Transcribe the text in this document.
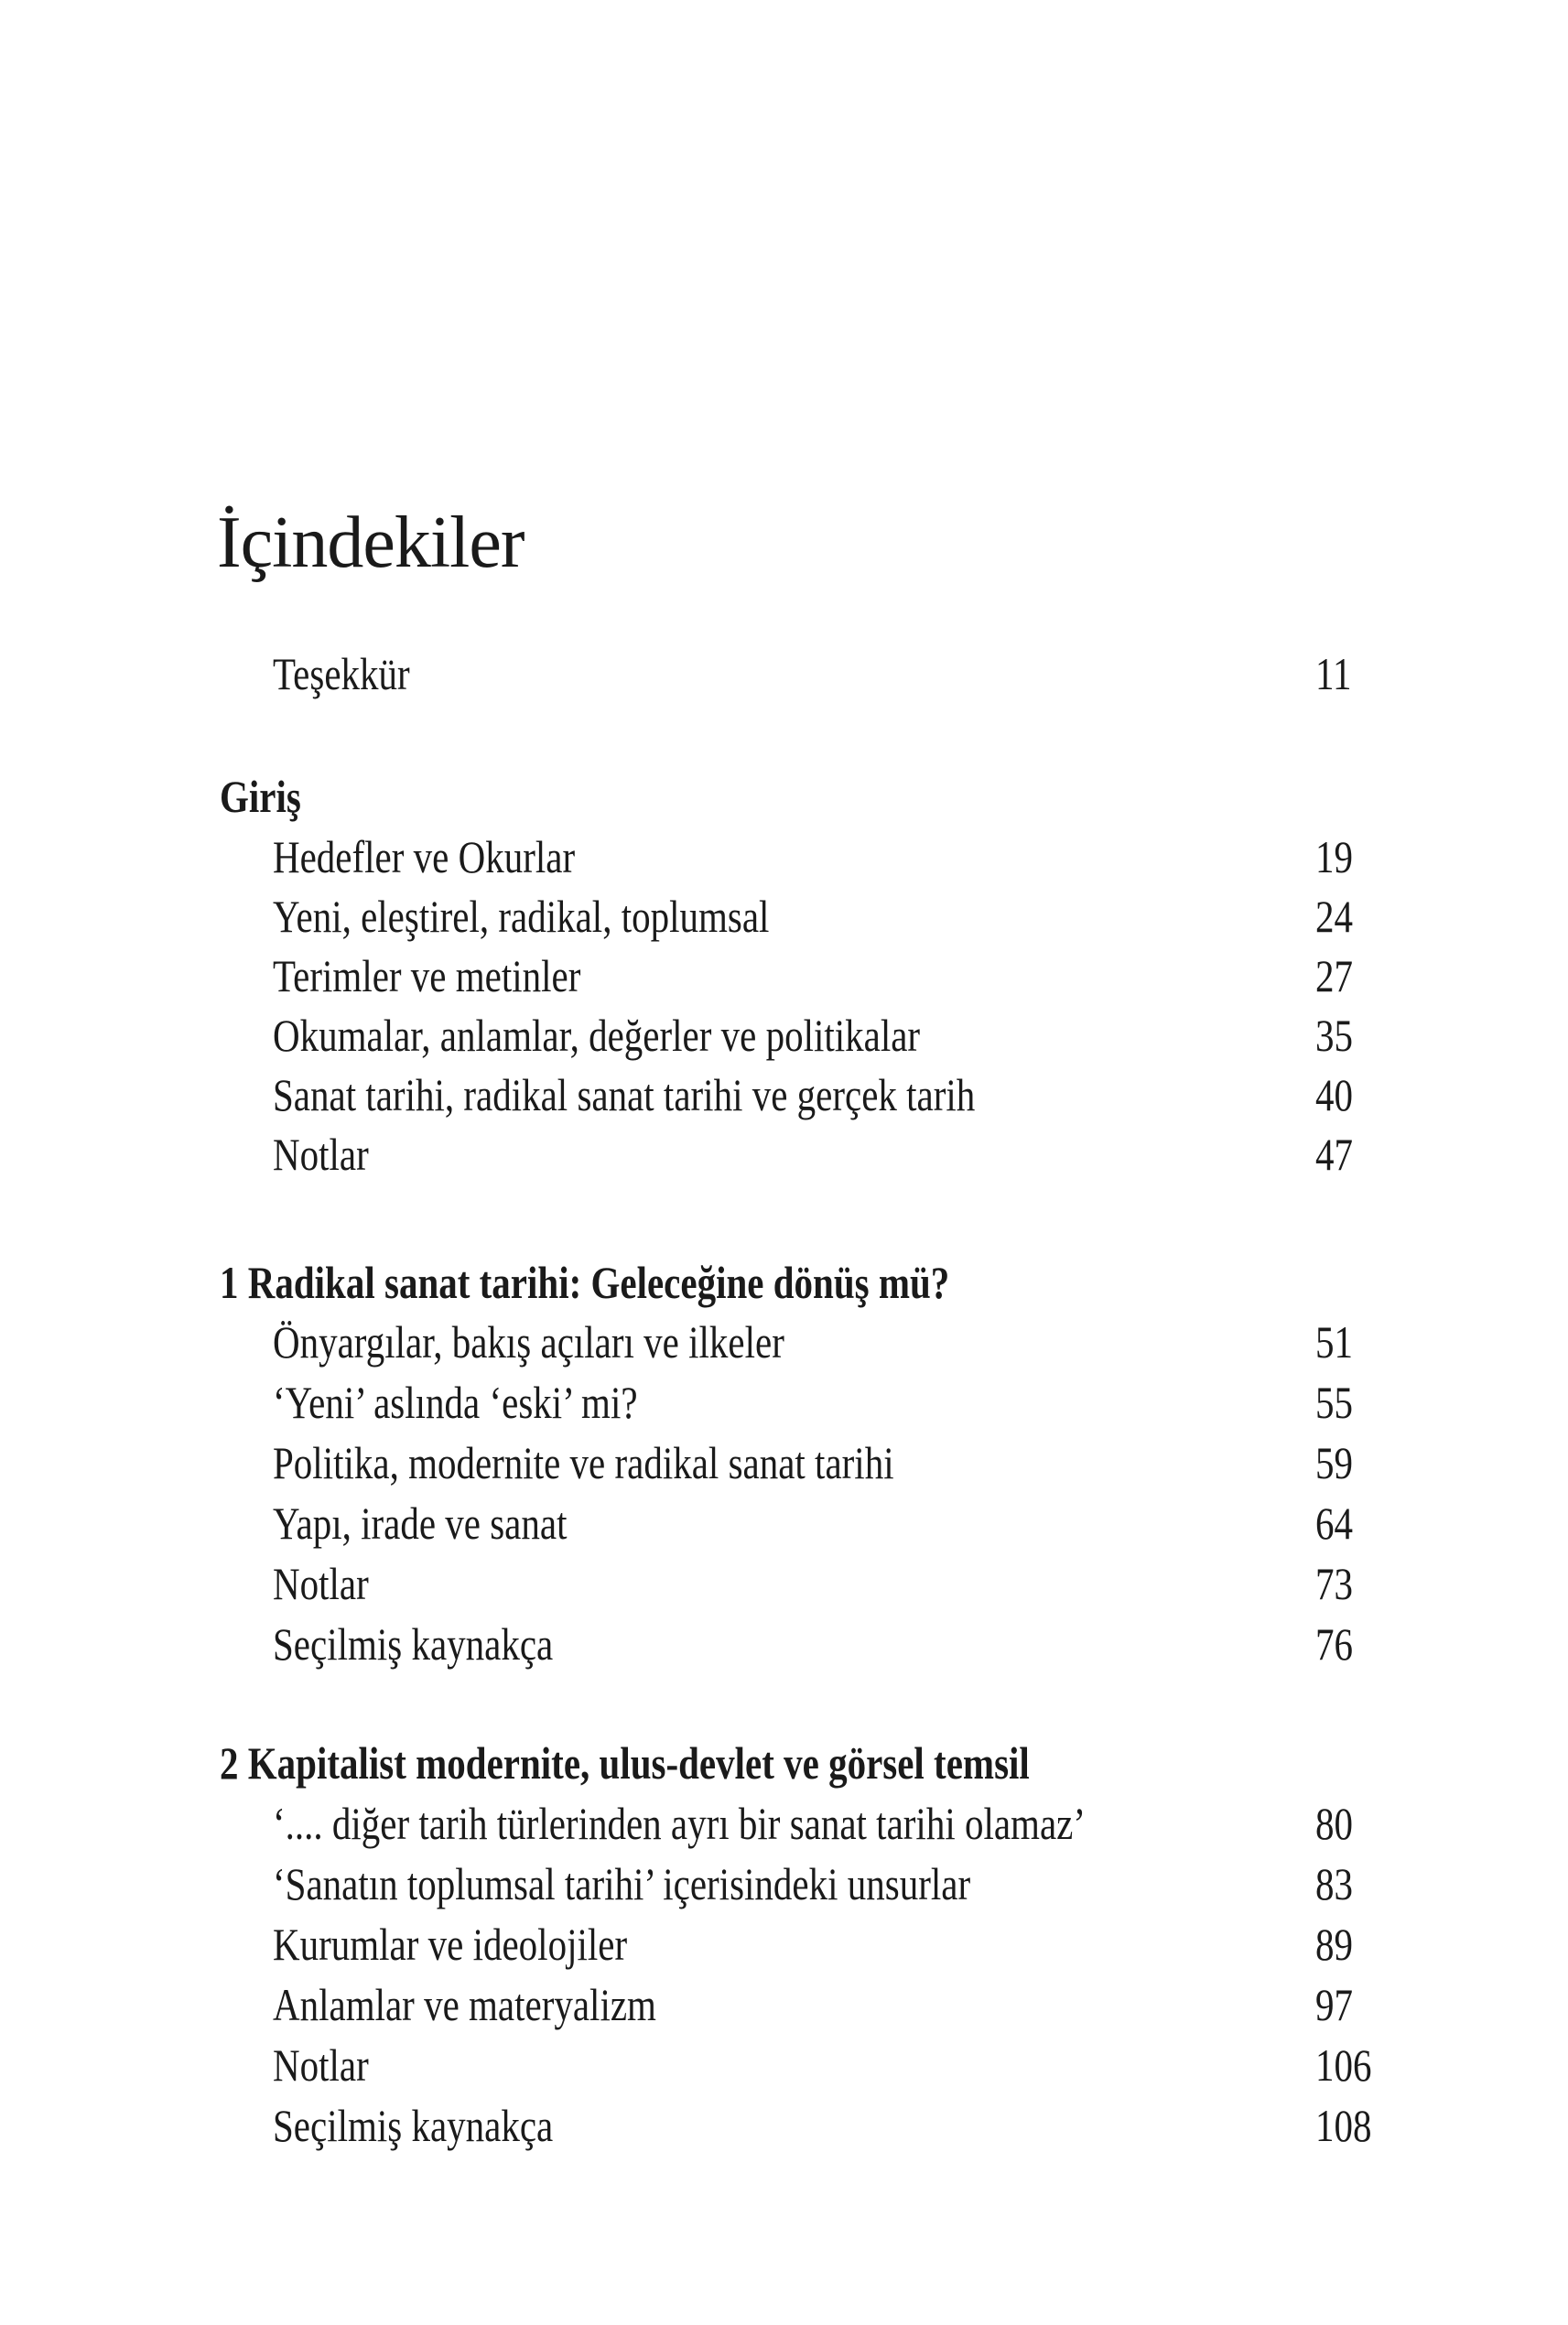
İçindekiler
Teşekkür	11
Giriş
Hedefler ve Okurlar	19
Yeni, eleştirel, radikal, toplumsal	24
Terimler ve metinler	27
Okumalar, anlamlar, değerler ve politikalar	35
Sanat tarihi, radikal sanat tarihi ve gerçek tarih	40
Notlar	47
1 Radikal sanat tarihi: Geleceğine dönüş mü?
Önyargılar, bakış açıları ve ilkeler	51
‘Yeni’ aslında ‘eski’ mi?	55
Politika, modernite ve radikal sanat tarihi	59
Yapı, irade ve sanat	64
Notlar	73
Seçilmiş kaynakça	76
2 Kapitalist modernite, ulus-devlet ve görsel temsil
‘.... diğer tarih türlerinden ayrı bir sanat tarihi olamaz’	80
‘Sanatın toplumsal tarihi’ içerisindeki unsurlar	83
Kurumlar ve ideolojiler	89
Anlamlar ve materyalizm	97
Notlar	106
Seçilmiş kaynakça	108
